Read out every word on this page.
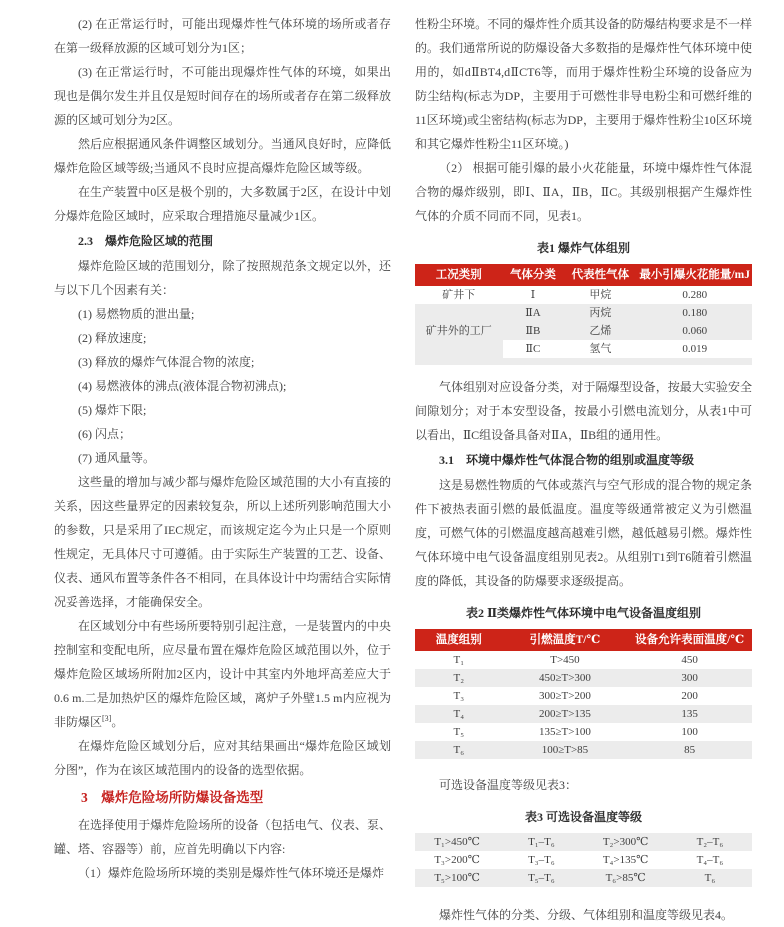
(2) 在正常运行时，可能出现爆炸性气体环境的场所或者存在第一级释放源的区域可划分为1区；

(3) 在正常运行时，不可能出现爆炸性气体的环境，如果出现也是偶尔发生并且仅是短时间存在的场所或者存在第二级释放源的区域可划分为2区。

然后应根据通风条件调整区域划分。当通风良好时，应降低爆炸危险区域等级;当通风不良时应提高爆炸危险区域等级。

在生产装置中0区是极个别的，大多数属于2区，在设计中划分爆炸危险区域时，应采取合理措施尽量减少1区。

2.3　爆炸危险区域的范围

爆炸危险区域的范围划分，除了按照规范条文规定以外，还与以下几个因素有关：

(1) 易燃物质的泄出量;

(2) 释放速度;

(3) 释放的爆炸气体混合物的浓度;

(4) 易燃液体的沸点(液体混合物初沸点);

(5) 爆炸下限;

(6) 闪点；

(7) 通风量等。

这些量的增加与减少都与爆炸危险区域范围的大小有直接的关系，因这些量界定的因素较复杂，所以上述所列影响范围大小的参数，只是采用了IEC规定，而该规定迄今为止只是一个原则性规定，无具体尺寸可遵循。由于实际生产装置的工艺、设备、仪表、通风布置等条件各不相同，在具体设计中均需结合实际情况妥善选择，才能确保安全。

在区域划分中有些场所要特别引起注意，一是装置内的中央控制室和变配电所，应尽量布置在爆炸危险区域范围以外，位于爆炸危险区域场所附加2区内，设计中其室内外地坪高差应大于0.6 m.二是加热炉区的爆炸危险区域，离炉子外壁1.5 m内应视为非防爆区[3]。

在爆炸危险区域划分后，应对其结果画出“爆炸危险区域划分图”，作为在该区域范围内的设备的选型依据。

3　爆炸危险场所防爆设备选型

在选择使用于爆炸危险场所的设备（包括电气、仪表、泵、罐、塔、容器等）前，应首先明确以下内容:

（1）爆炸危险场所环境的类别是爆炸性气体环境还是爆炸

性粉尘环境。不同的爆炸性介质其设备的防爆结构要求是不一样的。我们通常所说的防爆设备大多数指的是爆炸性气体环境中使用的，如dⅡBT4,dⅡCT6等，而用于爆炸性粉尘环境的设备应为防尘结构(标志为DP，主要用于可燃性非导电粉尘和可燃纤维的11区环境)或尘密结构(标志为DP，主要用于爆炸性粉尘10区环境和其它爆炸性粉尘11区环境。)

（2） 根据可能引爆的最小火花能量，环境中爆炸性气体混合物的爆炸级别，即Ⅰ、ⅡA，ⅡB，ⅡC。其级别根据产生爆炸性气体的介质不同而不同，见表1。

表1 爆炸气体组别
工况类别	气体分类	代表性气体	最小引爆火花能量/mJ
矿井下	Ⅰ	甲烷	0.280
矿井外的工厂	ⅡA	丙烷	0.180
	ⅡB	乙烯	0.060
	ⅡC	氢气	0.019

气体组别对应设备分类，对于隔爆型设备，按最大实验安全间隙划分；对于本安型设备，按最小引燃电流划分，从表1中可以看出，ⅡC组设备具备对ⅡA，ⅡB组的通用性。

3.1　环境中爆炸性气体混合物的组别或温度等级

这是易燃性物质的气体或蒸汽与空气形成的混合物的规定条件下被热表面引燃的最低温度。温度等级通常被定义为引燃温度，可燃气体的引燃温度越高越难引燃，越低越易引燃。爆炸性气体环境中电气设备温度组别见表2。从组别T1到T6随着引燃温度的降低，其设备的防爆要求逐级提高。

表2 Ⅱ类爆炸性气体环境中电气设备温度组别
温度组别	引燃温度T/℃	设备允许表面温度/℃
T₁	T>450	450
T₂	450≥T>300	300
T₃	300≥T>200	200
T₄	200≥T>135	135
T₅	135≥T>100	100
T₆	100≥T>85	85

可选设备温度等级见表3：

表3 可选设备温度等级
T₁>450℃	T₁–T₆	T₂>300℃	T₂–T₆
T₃>200℃	T₃–T₆	T₄>135℃	T₄–T₆
T₅>100℃	T₅–T₆	T₆>85℃	T₆

爆炸性气体的分类、分级、气体组别和温度等级见表4。
